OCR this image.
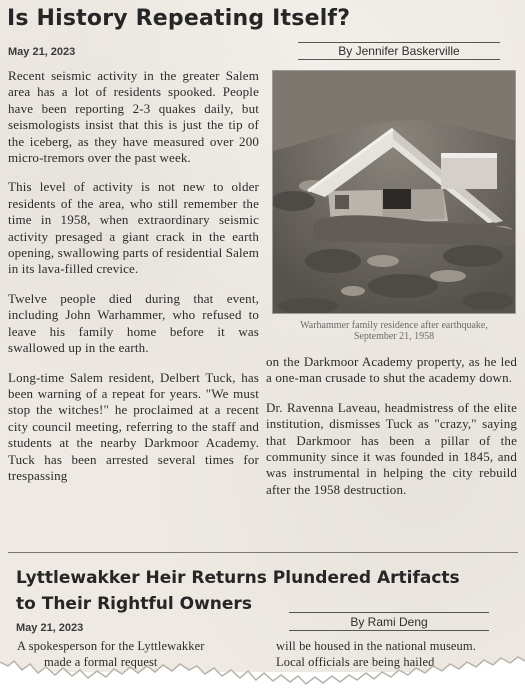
Is History Repeating Itself?
May 21, 2023	By Jennifer Baskerville

Recent seismic activity in the greater Salem area has a lot of residents spooked. People have been reporting 2-3 quakes daily, but seismologists insist that this is just the tip of the iceberg, as they have measured over 200 micro-tremors over the past week.

This level of activity is not new to older residents of the area, who still remember the time in 1958, when extraordinary seismic activity presaged a giant crack in the earth opening, swallowing parts of residential Salem in its lava-filled crevice.

Twelve people died during that event, including John Warhammer, who refused to leave his family home before it was swallowed up in the earth.

Long-time Salem resident, Delbert Tuck, has been warning of a repeat for years. "We must stop the witches!" he proclaimed at a recent city council meeting, referring to the staff and students at the nearby Darkmoor Academy. Tuck has been arrested several times for trespassing

Warhammer family residence after earthquake,
September 21, 1958

on the Darkmoor Academy property, as he led a one-man crusade to shut the academy down.

Dr. Ravenna Laveau, headmistress of the elite institution, dismisses Tuck as "crazy," saying that Darkmoor has been a pillar of the community since it was founded in 1845, and was instrumental in helping the city rebuild after the 1958 destruction.

Lyttlewakker Heir Returns Plundered Artifacts
to Their Rightful Owners
By Rami Deng
May 21, 2023
A spokesperson for the Lyttlewakker
made a formal request
will be housed in the national museum.
Local officials are being hailed
